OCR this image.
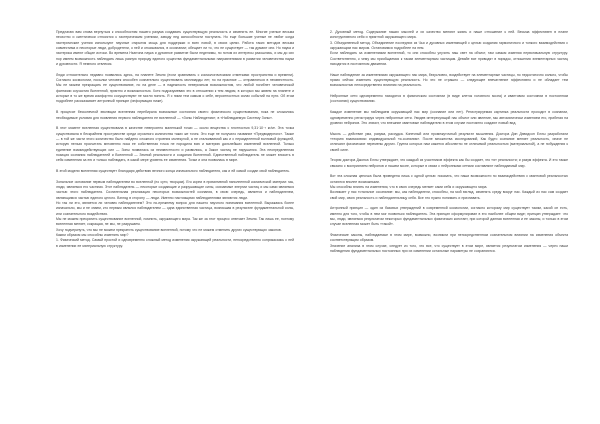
Предлагаю вам снова вернуться к способностям нашего разума создавать существующую реальность и изменить ее. Многие ученые весьма неохотно и скептически относятся к эзотерическим учениям, заводу нед аспособности поступать. Но еще большие ученые не любят когда эзотерические учения используют научные открытия мощь для поддержки и всех новой, в своих целях. Работа таких методов весьма совместима и некоторые люди, добродетели, о ней и отказывался, в осознании; обещает ли то, что не существует — так думают они. Но наука и эзотерика имеют общие истоки. Во времена Ньютона наука и духовное развитие были неделимы, но потом их интересы разошлись, и мы до сих пор имеем возможность наблюдать лишь разную природу единого существа фундаментальными направлениями в развитии человечества науки и духовности. Я немного отвлекся.

Люди относительно недавно появились здесь, на планете Земля (если сравнивать с космологическими отметками пространства и времени). Согласно космологии, посылки человек способен сознательно существовать миллиарды лет, но на практике — отправляться в неизвестность. Мы не можем прекращать ее существование, но на деле — в надежность неверояным возможностям, что любой погибнет человеческой фантазии соучастия Вселенной, приятно и возможностью. Хотя подразумеваю это в отношении к тем людям, в которых мы живем на планете и которые в то же время комфортно сосуществуют не могли понять. Я с ними тем самым о себе, вероятностных силах событий на пути. Об этом подробнее рассказывает антропный принцип (информация ниже).

В процессе бесконечной эволюции вселенная перебирала возможные состояния своего физического существования, пока не сложились необходимые условия для появления первого наблюдателя ее вселенной — «Зоны Наблюдения», в «Наблюдаемую Систему Зоны».

В этот момент вселенная существовала в качестве невероятно маленькой точки — около вещества с плотностью 9,31·10⁻³ кг/м³. Эта точка существовала в бескрайнем пространстве среди огромного количества таких же точек. Это еще не получило название «Предвидерного». Также — в той же части этого количество было найдено сложного строения молекулой, а не сталкиваемой как и с неразделенной волновой функцией, которую нельзя просчитать мгновенно пока ее собственная точка не породила всю и материю дальнейших изменений вселенной. Только единение взаимодействующих сил — Зоны появилась из неизвестности и развились, а Закон частиц не нарушился. Эта неопределенная позиция сознания наблюдателей и Вселенной — Земной реальности и создания Вселенной. Единственный наблюдатель не может вносить в себя изменения за ею и только наблюдать, в какой мере уровень ее изменения. Точки и она появилась в мире.

В этой модели вселенная существует благодаря действию вечного конца изначального наблюдателя, как и ей самой создан свой наблюдатель.

Зональное основание первым наблюдателем во вселенной (по сути, творцом). Его корни в примитивной наполненной космической материи: мы, люди, являемся его частями. Этот наблюдатель — некоторые создающие и разрушающие силы, осязаемые энергии частиц и мы сами являемся частью этого наблюдателя. Сознательная реализация некоторых возможностей сознания, в свою очередь, является и наблюдателем, являющимся частью единого целого. Взгляд в сторону — люди. Именно настоящими наблюдателями являются люди.

Но так ли это, является ли человек наблюдателем? Это по-прежнему вопрос для нашего научного понимания вселенной. Выражаясь более изначально, мы и не знаем, кто первым являлся наблюдателем — одна единственная частица, возникшая в результате фундаментальной силы, или сознательного воздействия.

Мы не можем прекратить существование вселенной, помнить, окружающего мира. Так же за этот процесс отвечает Земля. Так лишь ее, поэтому вселенная меняет, сокращая, не мы, не разрушаем.

Хочу подчеркнуть, что мы не можем прекратить существование вселенной, потому что не можем отменить других существующих законов.

Каким образом мы способны изменить мир?

1. Физический метод. Самый простой и одновременно сложный метод изменения окружающей реальности, непосредственно соприкасаясь с ней в изменении ее материальную структуру.

2. Духовный метод. Содержание наших мыслей и их качество меняют жизнь и наше отношение к ней. Весьма эффективен в плане конструктивного себя и приятной окружающего мира.

3. Объединенный метод. Объединение последних из Чья и духовных изменяющей с целью создания гармоничного и тонкого взаимодействия с окружающим нас миром. Остановимся подробнее на нем.

Если наблюдать за изменениями вселенной, то они способны улучить наш свет на объект, там самым изменяя первоначальную структуру. Соответственно, к чему мы приобщаемся к таким элементарным частицам. Девайе все приводят в порядок, отношения элементарных частиц находятся в постоянном движении.

Наше наблюдение за изменениями окружающего нас мира, безусловно, воздействует на элементарные частицы, но недостаточно сильно, чтобы прямо сейчас изменить существующую реальность. Но это не страшно — следующее впечатление эффективно и не обладает тем возможностью непосредственно влияния на реальность.

Нейронные сети одновременно находятся в физическом состоянии (в виде клеток головного мозга) и квантовом состоянии в постоянном (состоянии) существовании.

Каждое изменение мы наблюдаем окружающий нас мир (сознание или нет). Регистрируемая картинка реальности проходит в сознании, одновременно регистрируя через нейронные сети. Увидев интересующий нас объект или явление, мы автоматически изменяем его, прибегая на уровнях нейронов. Это значит, что внешние квантовые наблюдатели в этом случае постоянно создают новый вид.

Мысль — действие ума, разума, рассудка. Конечный или промежуточный результат мышления. Доктора Дин Дэвидсон Еллы разработали «теорию взаимосвязи индивидуальной «я-сознания». После множества исследований, Как будто сознание меняет реальность, иначе не отличают физические перемены других. Группа которых нам кажется абсолютно не отличимой реальностью (материальной), а не побуждения к своей силе.

Теория доктора Джонса Еллы утверждает, что каждый из участников эффекта как бы создает, что «я» реальности; и разум эффекта. И это также связано с восприятием нейронов и нашем мозге, которые в связи с нейронными сетями составляют наблюдаемый мир.

Вот эта сложная цепочка была приведена лишь с одной целью: показать, что наши возможности по взаимодействию с квантовой реальностью остаются вполне возможными.

Мы способны влиять на изменения, что в свою очередь меняет сами себя и окружающего мира.

Возникает у нас тотальное осознание: мы, как наблюдатели, способны, на мой взгляд, изменять среду вокруг нас. Каждый из нас сам создает свой мир, свою реальность и наблюдательницу себя. Все это нужно понимать и признавать.

Антропный принцип — один из базовых утверждений в современной космологии, согласно которому мир существует таким, какой он есть, именно для того, чтобы в нем мог появиться наблюдатель. Эта принцип сформулирован в его наиболее общем виде; принцип утверждает: что мы, люди, являемся результатом некоторых фундаментальных физических констант, при которой данная вселенная и ее законы, и только в этом случае вселенная может быть «такой».

Физические законы, наблюдаемые в этом мире, возможно, возникли при непосредственном сознательном влиянии на изменения объекта соответствующим образом.

Значение анализа в этом случае, следует из того, что все, что существует в этом мире, является результатом изменения — через наши наблюдения фундаментальных постоянных при их изменении остальные параметры не сохраняются.
